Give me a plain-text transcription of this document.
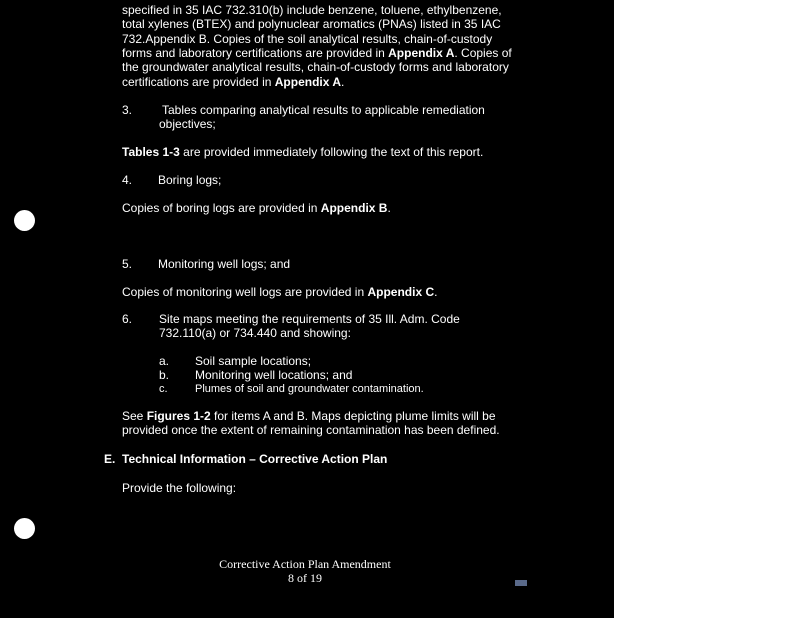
specified in 35 IAC 732.310(b) include benzene, toluene, ethylbenzene,
total xylenes (BTEX) and polynuclear aromatics (PNAs) listed in 35 IAC
732.Appendix B. Copies of the soil analytical results, chain-of-custody
forms and laboratory certifications are provided in Appendix A. Copies of
the groundwater analytical results, chain-of-custody forms and laboratory
certifications are provided in Appendix A.
3. Tables comparing analytical results to applicable remediation
objectives;
Tables 1-3 are provided immediately following the text of this report.
4. Boring logs;
Copies of boring logs are provided in Appendix B.
5. Monitoring well logs; and
Copies of monitoring well logs are provided in Appendix C.
6. Site maps meeting the requirements of 35 Ill. Adm. Code
732.110(a) or 734.440 and showing:
a. Soil sample locations;
b. Monitoring well locations; and
c. Plumes of soil and groundwater contamination.
See Figures 1-2 for items A and B. Maps depicting plume limits will be
provided once the extent of remaining contamination has been defined.
E. Technical Information – Corrective Action Plan
Provide the following:
Corrective Action Plan Amendment
8 of 19
